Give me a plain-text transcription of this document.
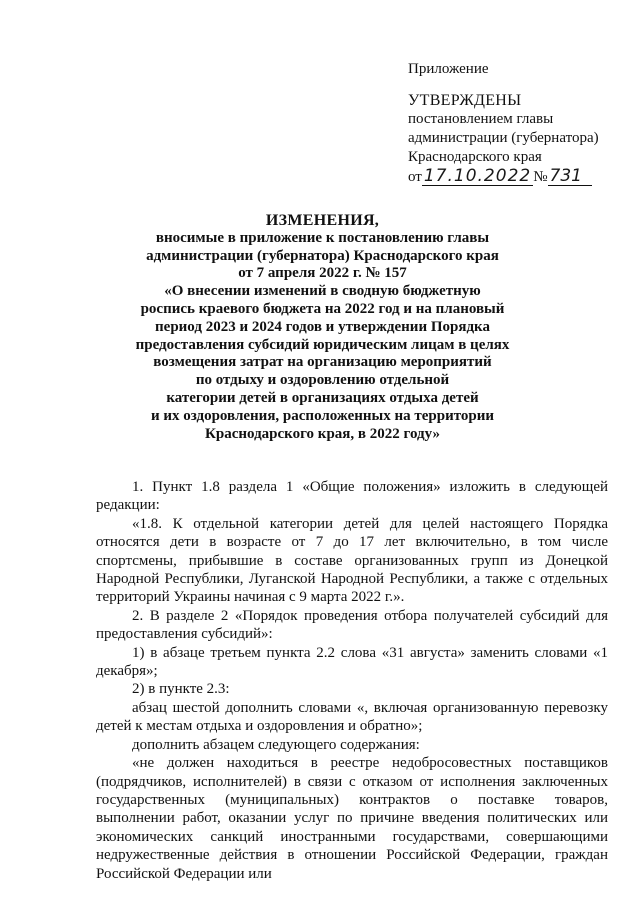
Приложение
УТВЕРЖДЕНЫ
постановлением главы
администрации (губернатора)
Краснодарского края
от 17.10.2022 № 731
ИЗМЕНЕНИЯ,
вносимые в приложение к постановлению главы
администрации (губернатора) Краснодарского края
от 7 апреля 2022 г. № 157
«О внесении изменений в сводную бюджетную
роспись краевого бюджета на 2022 год и на плановый
период 2023 и 2024 годов и утверждении Порядка
предоставления субсидий юридическим лицам в целях
возмещения затрат на организацию мероприятий
по отдыху и оздоровлению отдельной
категории детей в организациях отдыха детей
и их оздоровления, расположенных на территории
Краснодарского края, в 2022 году»

1. Пункт 1.8 раздела 1 «Общие положения» изложить в следующей редакции:

«1.8. К отдельной категории детей для целей настоящего Порядка относятся дети в возрасте от 7 до 17 лет включительно, в том числе спортсмены, прибывшие в составе организованных групп из Донецкой Народной Республики, Луганской Народной Республики, а также с отдельных территорий Украины начиная с 9 марта 2022 г.».

2. В разделе 2 «Порядок проведения отбора получателей субсидий для предоставления субсидий»:

1) в абзаце третьем пункта 2.2 слова «31 августа» заменить словами «1 декабря»;

2) в пункте 2.3:

абзац шестой дополнить словами «, включая организованную перевозку детей к местам отдыха и оздоровления и обратно»;

дополнить абзацем следующего содержания:

«не должен находиться в реестре недобросовестных поставщиков (подрядчиков, исполнителей) в связи с отказом от исполнения заключенных государственных (муниципальных) контрактов о поставке товаров, выполнении работ, оказании услуг по причине введения политических или экономических санкций иностранными государствами, совершающими недружественные действия в отношении Российской Федерации, граждан Российской Федерации или
